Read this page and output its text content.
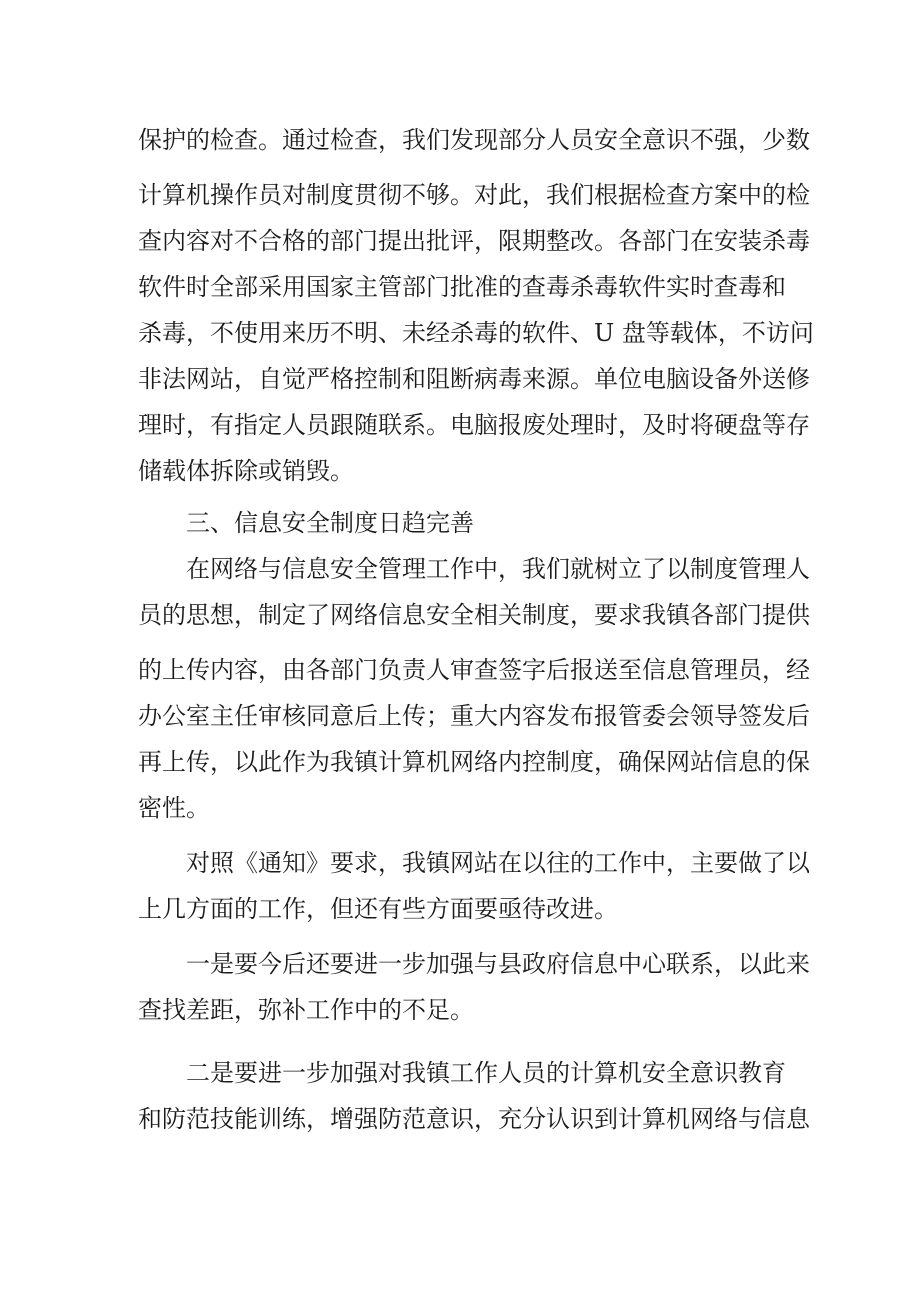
保护的检查。通过检查，我们发现部分人员安全意识不强，少数
计算机操作员对制度贯彻不够。对此，我们根据检查方案中的检
查内容对不合格的部门提出批评，限期整改。各部门在安装杀毒
软件时全部采用国家主管部门批准的查毒杀毒软件实时查毒和
杀毒，不使用来历不明、未经杀毒的软件、U 盘等载体，不访问
非法网站，自觉严格控制和阻断病毒来源。单位电脑设备外送修
理时，有指定人员跟随联系。电脑报废处理时，及时将硬盘等存
储载体拆除或销毁。
三、信息安全制度日趋完善
在网络与信息安全管理工作中，我们就树立了以制度管理人
员的思想，制定了网络信息安全相关制度，要求我镇各部门提供
的上传内容，由各部门负责人审查签字后报送至信息管理员，经
办公室主任审核同意后上传；重大内容发布报管委会领导签发后
再上传，以此作为我镇计算机网络内控制度，确保网站信息的保
密性。
对照《通知》要求，我镇网站在以往的工作中，主要做了以
上几方面的工作，但还有些方面要亟待改进。
一是要今后还要进一步加强与县政府信息中心联系，以此来
查找差距，弥补工作中的不足。
二是要进一步加强对我镇工作人员的计算机安全意识教育
和防范技能训练，增强防范意识，充分认识到计算机网络与信息
